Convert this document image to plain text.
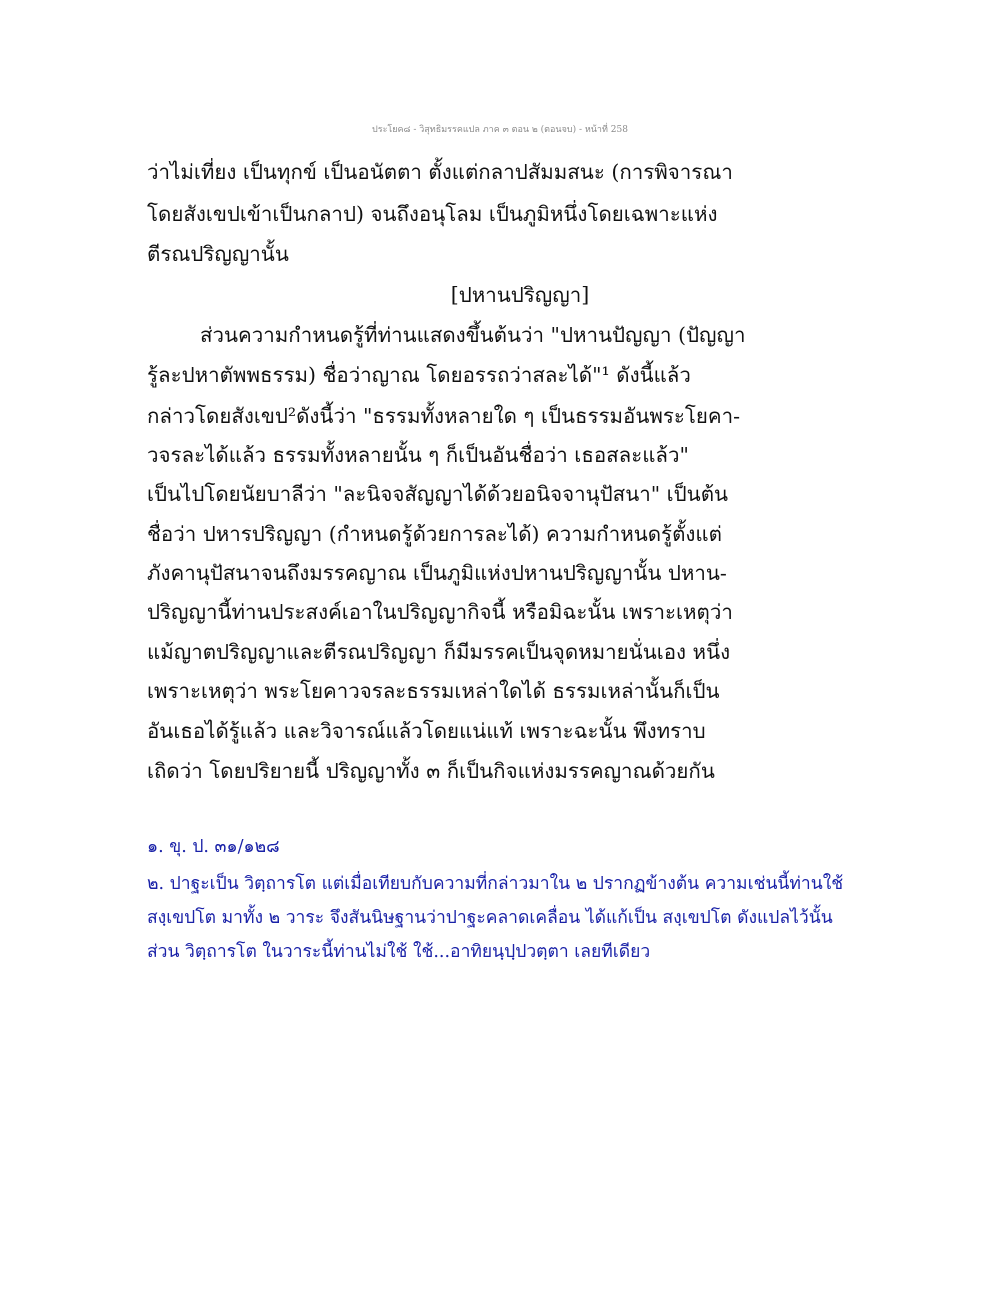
ประโยค๘ - วิสุทธิมรรคแปล ภาค ๓ ตอน ๒ (ตอนจบ) - หน้าที่ 258
ว่าไม่เที่ยง เป็นทุกข์ เป็นอนัตตา ตั้งแต่กลาปสัมมสนะ (การพิจารณา
โดยสังเขปเข้าเป็นกลาป) จนถึงอนุโลม เป็นภูมิหนึ่งโดยเฉพาะแห่ง
ตีรณปริญญานั้น
[ปหานปริญญา]
ส่วนความกำหนดรู้ที่ท่านแสดงขึ้นต้นว่า "ปหานปัญญา (ปัญญา
รู้ละปหาตัพพธรรม) ชื่อว่าญาณ โดยอรรถว่าสละได้"¹ ดังนี้แล้ว
กล่าวโดยสังเขป²ดังนี้ว่า "ธรรมทั้งหลายใด ๆ เป็นธรรมอันพระโยคา-
วจรละได้แล้ว ธรรมทั้งหลายนั้น ๆ ก็เป็นอันชื่อว่า เธอสละแล้ว"
เป็นไปโดยนัยบาลีว่า "ละนิจจสัญญาได้ด้วยอนิจจานุปัสนา" เป็นต้น
ชื่อว่า ปหารปริญญา (กำหนดรู้ด้วยการละได้) ความกำหนดรู้ตั้งแต่
ภังคานุปัสนาจนถึงมรรคญาณ เป็นภูมิแห่งปหานปริญญานั้น ปหาน-
ปริญญานี้ท่านประสงค์เอาในปริญญากิจนี้ หรือมิฉะนั้น เพราะเหตุว่า
แม้ญาตปริญญาและตีรณปริญญา ก็มีมรรคเป็นจุดหมายนั่นเอง หนึ่ง
เพราะเหตุว่า พระโยคาวจรละธรรมเหล่าใดได้ ธรรมเหล่านั้นก็เป็น
อันเธอได้รู้แล้ว และวิจารณ์แล้วโดยแน่แท้ เพราะฉะนั้น พึงทราบ
เถิดว่า โดยปริยายนี้ ปริญญาทั้ง ๓ ก็เป็นกิจแห่งมรรคญาณด้วยกัน
๑. ขุ. ป. ๓๑/๑๒๘
๒. ปาฐะเป็น วิตฺถารโต แต่เมื่อเทียบกับความที่กล่าวมาใน ๒ ปรากฏข้างต้น ความเช่นนี้ท่านใช้
สงฺเขปโต มาทั้ง ๒ วาระ จึงสันนิษฐานว่าปาฐะคลาดเคลื่อน ได้แก้เป็น สงฺเขปโต ดังแปลไว้นั้น
ส่วน วิตฺถารโต ในวาระนี้ท่านไม่ใช้ ใช้...อาทิยนฺปฺปวตฺตา เลยทีเดียว
